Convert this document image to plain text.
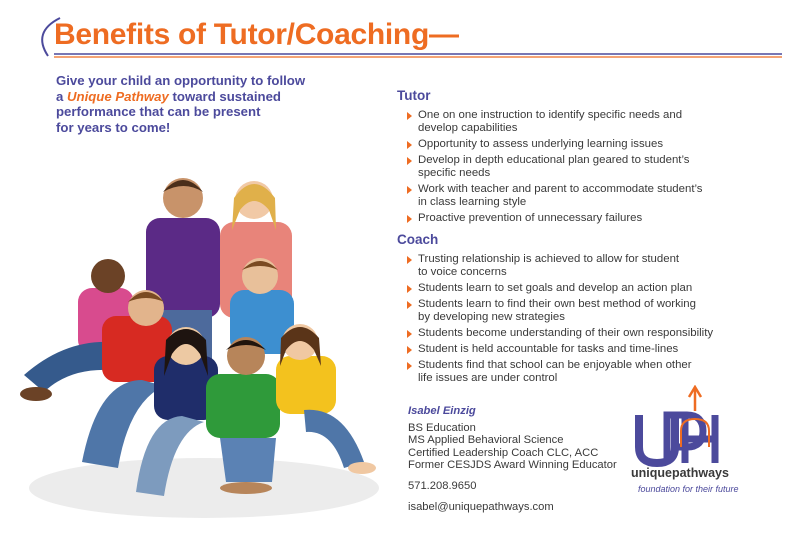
Benefits of Tutor/Coaching—
Give your child an opportunity to follow
a Unique Pathway toward sustained
performance that can be present
for years to come!
Tutor
One on one instruction to identify specific needs and
develop capabilities
Opportunity to assess underlying learning issues
Develop in depth educational plan geared to student’s
specific needs
Work with teacher and parent to accommodate student’s
in class learning style
Proactive prevention of unnecessary failures
Coach
Trusting relationship is achieved to allow for student
to voice concerns
Students learn to set goals and develop an action plan
Students learn to find their own best method of working
by developing new strategies
Students become understanding of their own responsibility
Student is held accountable for tasks and time-lines
Students find that school can be enjoyable when other
life issues are under control
Isabel Einzig
BS Education
MS Applied Behavioral Science
Certified Leadership Coach CLC, ACC
Former CESJDS Award Winning Educator
571.208.9650
isabel@uniquepathways.com
uniquepathways
foundation for their future
